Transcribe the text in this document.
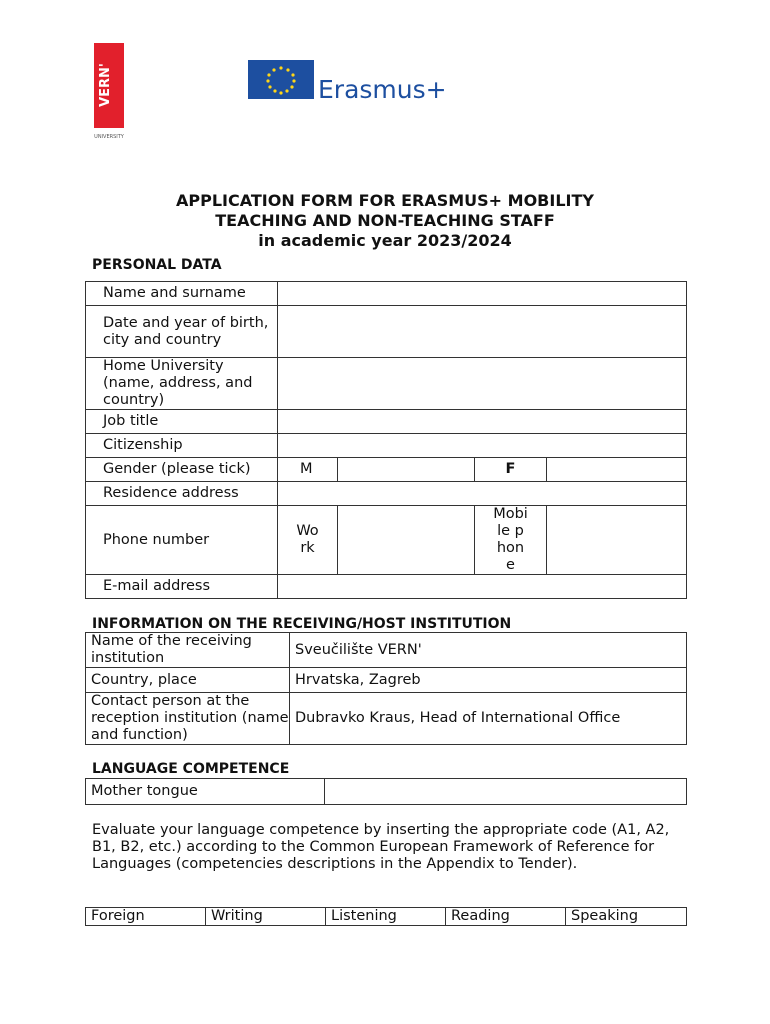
VERN'
UNIVERSITY
Erasmus+
APPLICATION FORM FOR ERASMUS+ MOBILITY
TEACHING AND NON-TEACHING STAFF
in academic year 2023/2024
PERSONAL DATA
Name and surname				
Date and year of birth, city and country				
Home University (name, address, and country)				
Job title				
Citizenship				
Gender (please tick)	M		F	
Residence address				
Phone number	Work		Mobile phone	
E-mail address				
INFORMATION ON THE RECEIVING/HOST INSTITUTION
Name of the receiving institution	Sveučilište VERN'
Country, place	Hrvatska, Zagreb
Contact person at the reception institution (name and function)	Dubravko Kraus, Head of International Office
LANGUAGE COMPETENCE
Mother tongue	
Evaluate your language competence by inserting the appropriate code (A1, A2, B1, B2, etc.) according to the Common European Framework of Reference for Languages (competencies descriptions in the Appendix to Tender).
Foreign	Writing	Listening	Reading	Speaking
